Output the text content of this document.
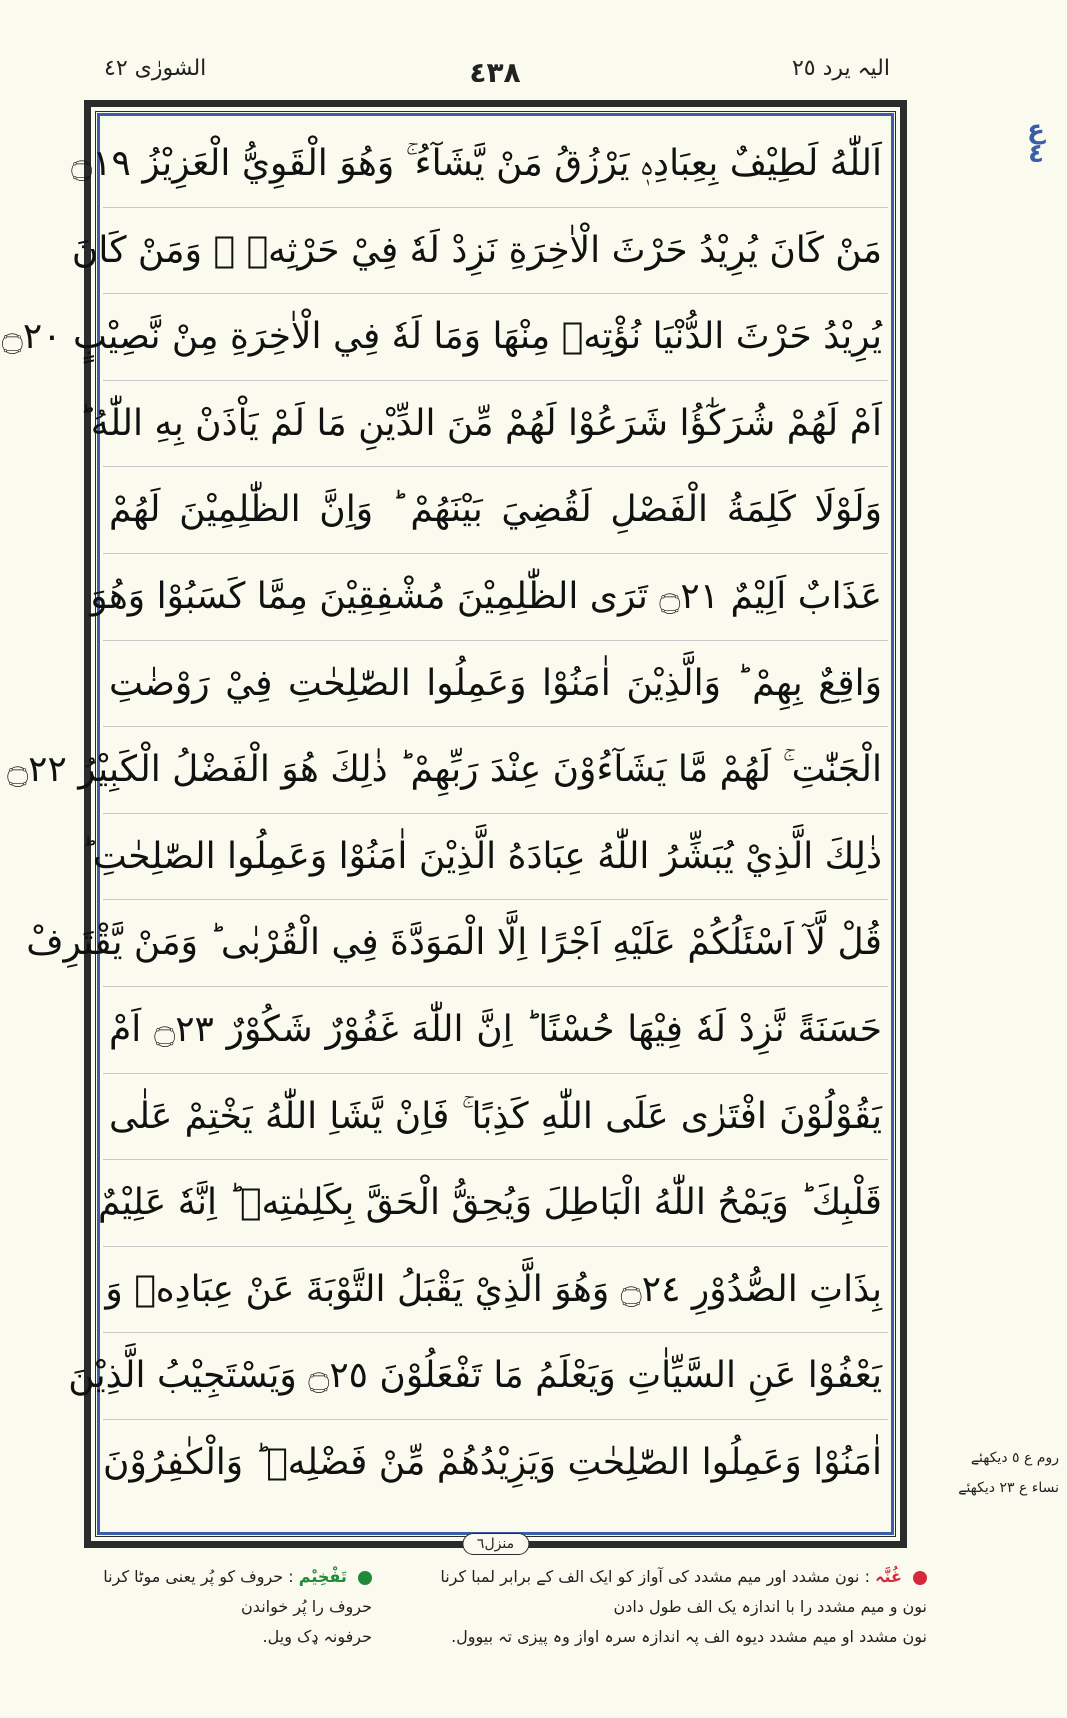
الشورٰى ٤٢	٤٣٨	الیہ یرد ٢٥
ع ٤
اَللّٰهُ لَطِيْفٌ بِعِبَادِهٖ يَرْزُقُ مَنْ يَّشَآءُ ۚ وَهُوَ الْقَوِيُّ الْعَزِيْزُ ۝١٩
مَنْ كَانَ يُرِيْدُ حَرْثَ الْاٰخِرَةِ نَزِدْ لَهٗ فِيْ حَرْثِهٖ ۚ وَمَنْ كَانَ
يُرِيْدُ حَرْثَ الدُّنْيَا نُؤْتِهٖ مِنْهَا وَمَا لَهٗ فِي الْاٰخِرَةِ مِنْ نَّصِيْبٍ ۝٢٠
اَمْ لَهُمْ شُرَكٰٓؤُا شَرَعُوْا لَهُمْ مِّنَ الدِّيْنِ مَا لَمْ يَاْذَنْ بِهِ اللّٰهُ ؕ
وَلَوْلَا كَلِمَةُ الْفَصْلِ لَقُضِيَ بَيْنَهُمْ ؕ وَاِنَّ الظّٰلِمِيْنَ لَهُمْ
عَذَابٌ اَلِيْمٌ ۝٢١ تَرَى الظّٰلِمِيْنَ مُشْفِقِيْنَ مِمَّا كَسَبُوْا وَهُوَ
وَاقِعٌ بِهِمْ ؕ وَالَّذِيْنَ اٰمَنُوْا وَعَمِلُوا الصّٰلِحٰتِ فِيْ رَوْضٰتِ
الْجَنّٰتِ ۚ لَهُمْ مَّا يَشَآءُوْنَ عِنْدَ رَبِّهِمْ ؕ ذٰلِكَ هُوَ الْفَضْلُ الْكَبِيْرُ ۝٢٢
ذٰلِكَ الَّذِيْ يُبَشِّرُ اللّٰهُ عِبَادَهُ الَّذِيْنَ اٰمَنُوْا وَعَمِلُوا الصّٰلِحٰتِ ؕ
قُلْ لَّآ اَسْئَلُكُمْ عَلَيْهِ اَجْرًا اِلَّا الْمَوَدَّةَ فِي الْقُرْبٰى ؕ وَمَنْ يَّقْتَرِفْ
حَسَنَةً نَّزِدْ لَهٗ فِيْهَا حُسْنًا ؕ اِنَّ اللّٰهَ غَفُوْرٌ شَكُوْرٌ ۝٢٣ اَمْ
يَقُوْلُوْنَ افْتَرٰى عَلَى اللّٰهِ كَذِبًا ۚ فَاِنْ يَّشَاِ اللّٰهُ يَخْتِمْ عَلٰى
قَلْبِكَ ؕ وَيَمْحُ اللّٰهُ الْبَاطِلَ وَيُحِقُّ الْحَقَّ بِكَلِمٰتِهٖ ؕ اِنَّهٗ عَلِيْمٌ
بِذَاتِ الصُّدُوْرِ ۝٢٤ وَهُوَ الَّذِيْ يَقْبَلُ التَّوْبَةَ عَنْ عِبَادِهٖ وَ
يَعْفُوْا عَنِ السَّيِّاٰتِ وَيَعْلَمُ مَا تَفْعَلُوْنَ ۝٢٥ وَيَسْتَجِيْبُ الَّذِيْنَ
اٰمَنُوْا وَعَمِلُوا الصّٰلِحٰتِ وَيَزِيْدُهُمْ مِّنْ فَضْلِهٖ ؕ وَالْكٰفِرُوْنَ
منزل٦
روم ع ٥ دیکھئے
نساء ع ٢٣ دیکھئے
غُنَّہ : نون مشدد اور میم مشدد کی آواز کو ایک الف کے برابر لمبا کرنا
نون و میم مشدد را با اندازہ یک الف طول دادن
نون مشدد او میم مشدد دیوہ الف پہ اندازہ سرہ اواز وہ پیزی تہ بیوول.
تَفْخِيْم : حروف کو پُر یعنی موٹا کرنا
حروف را پُر خواندن
حرفونہ ډک ویل.
